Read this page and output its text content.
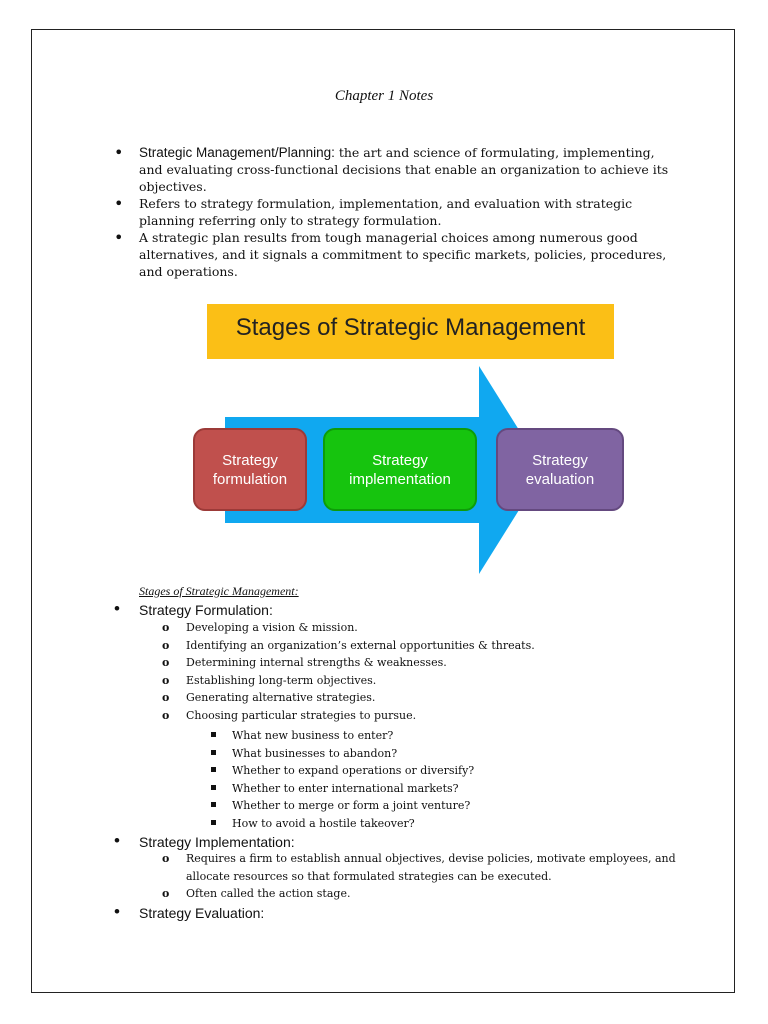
Chapter 1 Notes
• Strategic Management/Planning: the art and science of formulating, implementing, and evaluating cross-functional decisions that enable an organization to achieve its objectives.
• Refers to strategy formulation, implementation, and evaluation with strategic planning referring only to strategy formulation.
• A strategic plan results from tough managerial choices among numerous good alternatives, and it signals a commitment to specific markets, policies, procedures, and operations.
Stages of Strategic Management
Strategy
formulation
Strategy
implementation
Strategy
evaluation
Stages of Strategic Management:
• Strategy Formulation:
o Developing a vision & mission.
o Identifying an organization’s external opportunities & threats.
o Determining internal strengths & weaknesses.
o Establishing long-term objectives.
o Generating alternative strategies.
o Choosing particular strategies to pursue.
What new business to enter?
What businesses to abandon?
Whether to expand operations or diversify?
Whether to enter international markets?
Whether to merge or form a joint venture?
How to avoid a hostile takeover?
• Strategy Implementation:
o Requires a firm to establish annual objectives, devise policies, motivate employees, and allocate resources so that formulated strategies can be executed.
o Often called the action stage.
• Strategy Evaluation:
